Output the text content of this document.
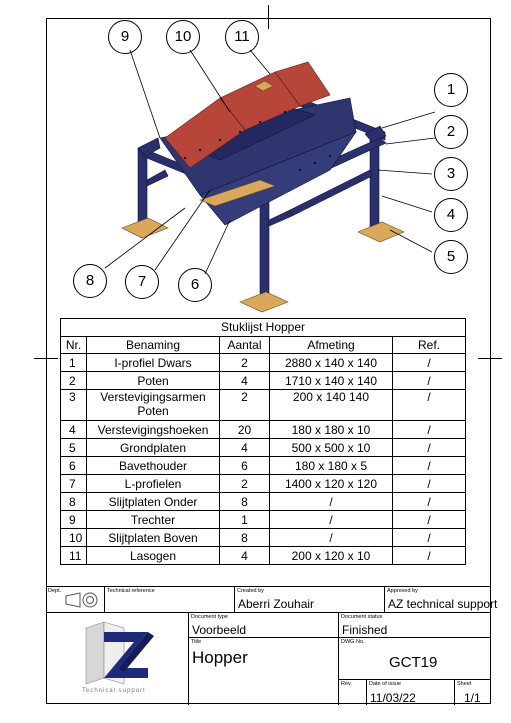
9	10	11
1
2
3
4
5
6
7
8
Stuklijst Hopper
Nr.	Benaming	Aantal	Afmeting	Ref.
1	I-profiel Dwars	2	2880 x 140 x 140	/
2	Poten	4	1710 x 140 x 140	/
3	Verstevigingsarmen Poten	2	200 x 140 140	/
4	Verstevigingshoeken	20	180 x 180 x 10	/
5	Grondplaten	4	500 x 500 x 10	/
6	Bavethouder	6	180 x 180 x 5	/
7	L-profielen	2	1400 x 120 x 120	/
8	Slijtplaten Onder	8	/	/
9	Trechter	1	/	/
10	Slijtplaten Boven	8	/	/
11	Lasogen	4	200 x 120 x 10	/
Dept.	Technical reference	Created by
Aberri Zouhair
Approved by
AZ technical support
Technical support
Document type
Voorbeeld
Document status
Finished
Title
Hopper
DWG No.
GCT19
Rev.	Date of issue
11/03/22
Sheet
1/1
